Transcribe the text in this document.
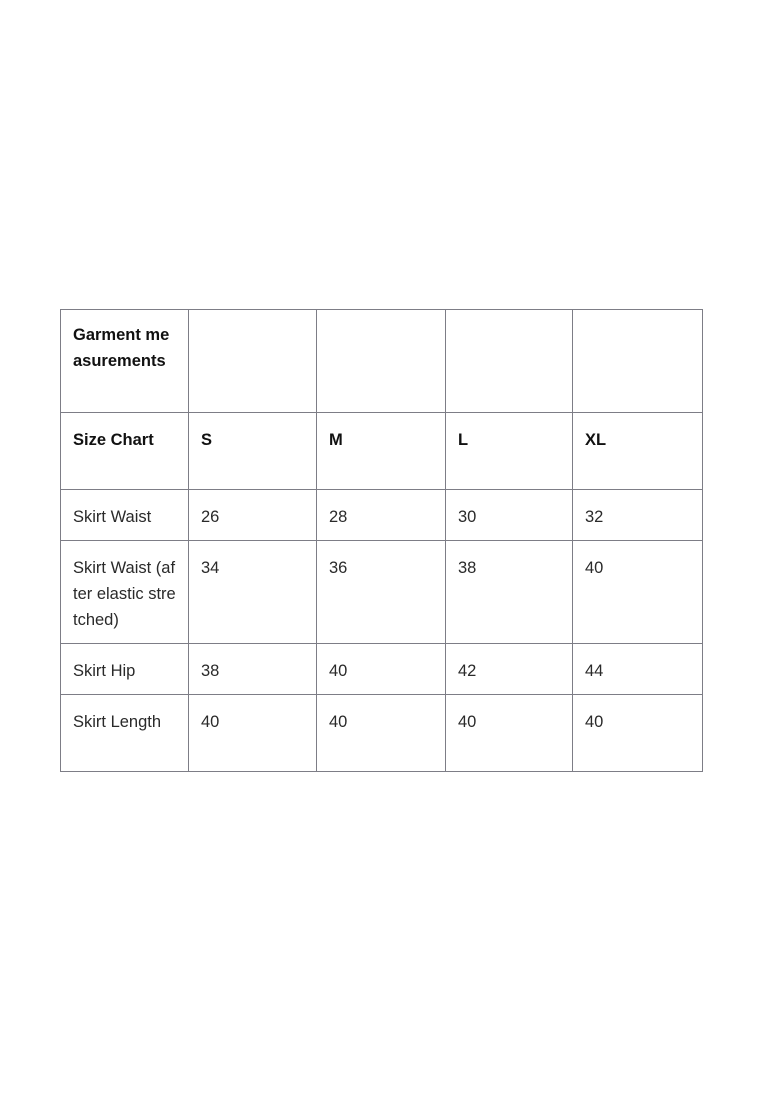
Garment measurements				
Size Chart	S	M	L	XL
Skirt Waist	26	28	30	32
Skirt Waist (after elastic stretched)	34	36	38	40
Skirt Hip	38	40	42	44
Skirt Length	40	40	40	40
